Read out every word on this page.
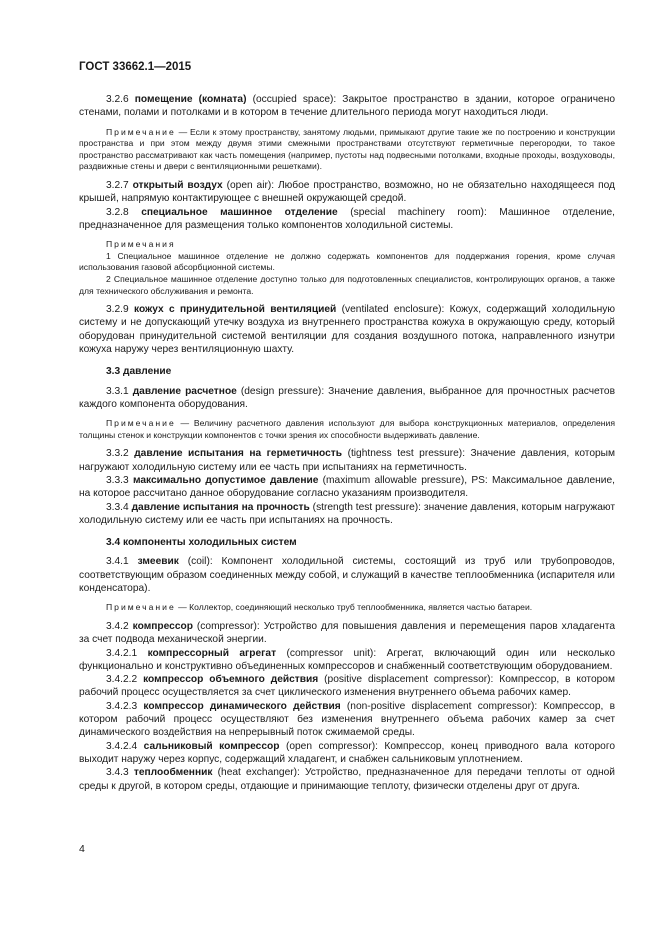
ГОСТ 33662.1—2015

3.2.6 помещение (комната) (occupied space): Закрытое пространство в здании, которое ограничено стенами, полами и потолками и в котором в течение длительного периода могут находиться люди.

Примечание — Если к этому пространству, занятому людьми, примыкают другие такие же по построению и конструкции пространства и при этом между двумя этими смежными пространствами отсутствуют герметичные перегородки, то такое пространство рассматривают как часть помещения (например, пустоты над подвесными потолками, входные проходы, воздуховоды, раздвижные стены и двери с вентиляционными решетками).

3.2.7 открытый воздух (open air): Любое пространство, возможно, но не обязательно находящееся под крышей, напрямую контактирующее с внешней окружающей средой.

3.2.8 специальное машинное отделение (special machinery room): Машинное отделение, предназначенное для размещения только компонентов холодильной системы.

Примечания

1 Специальное машинное отделение не должно содержать компонентов для поддержания горения, кроме случая использования газовой абсорбционной системы.

2 Специальное машинное отделение доступно только для подготовленных специалистов, контролирующих органов, а также для технического обслуживания и ремонта.

3.2.9 кожух с принудительной вентиляцией (ventilated enclosure): Кожух, содержащий холодильную систему и не допускающий утечку воздуха из внутреннего пространства кожуха в окружающую среду, который оборудован принудительной системой вентиляции для создания воздушного потока, направленного изнутри кожуха наружу через вентиляционную шахту.

3.3 давление

3.3.1 давление расчетное (design pressure): Значение давления, выбранное для прочностных расчетов каждого компонента оборудования.

Примечание — Величину расчетного давления используют для выбора конструкционных материалов, определения толщины стенок и конструкции компонентов с точки зрения их способности выдерживать давление.

3.3.2 давление испытания на герметичность (tightness test pressure): Значение давления, которым нагружают холодильную систему или ее часть при испытаниях на герметичность.

3.3.3 максимально допустимое давление (maximum allowable pressure), PS: Максимальное давление, на которое рассчитано данное оборудование согласно указаниям производителя.

3.3.4 давление испытания на прочность (strength test pressure): значение давления, которым нагружают холодильную систему или ее часть при испытаниях на прочность.

3.4 компоненты холодильных систем

3.4.1 змеевик (coil): Компонент холодильной системы, состоящий из труб или трубопроводов, соответствующим образом соединенных между собой, и служащий в качестве теплообменника (испарителя или конденсатора).

Примечание — Коллектор, соединяющий несколько труб теплообменника, является частью батареи.

3.4.2 компрессор (compressor): Устройство для повышения давления и перемещения паров хладагента за счет подвода механической энергии.

3.4.2.1 компрессорный агрегат (compressor unit): Агрегат, включающий один или несколько функционально и конструктивно объединенных компрессоров и снабженный соответствующим оборудованием.

3.4.2.2 компрессор объемного действия (positive displacement compressor): Компрессор, в котором рабочий процесс осуществляется за счет циклического изменения внутреннего объема рабочих камер.

3.4.2.3 компрессор динамического действия (non-positive displacement compressor): Компрессор, в котором рабочий процесс осуществляют без изменения внутреннего объема рабочих камер за счет динамического воздействия на непрерывный поток сжимаемой среды.

3.4.2.4 сальниковый компрессор (open compressor): Компрессор, конец приводного вала которого выходит наружу через корпус, содержащий хладагент, и снабжен сальниковым уплотнением.

3.4.3 теплообменник (heat exchanger): Устройство, предназначенное для передачи теплоты от одной среды к другой, в котором среды, отдающие и принимающие теплоту, физически отделены друг от друга.

4
